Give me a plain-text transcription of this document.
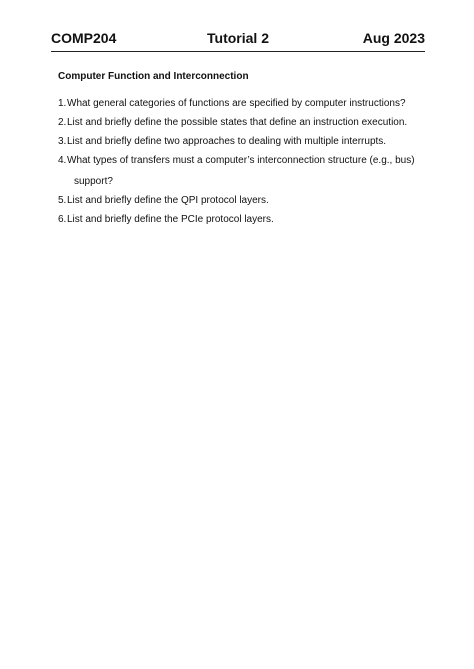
COMP204	Tutorial 2	Aug 2023
Computer Function and Interconnection
1. What general categories of functions are specified by computer instructions?
2. List and briefly define the possible states that define an instruction execution.
3. List and briefly define two approaches to dealing with multiple interrupts.
4. What types of transfers must a computer’s interconnection structure (e.g., bus)
support?
5. List and briefly define the QPI protocol layers.
6. List and briefly define the PCIe protocol layers.
